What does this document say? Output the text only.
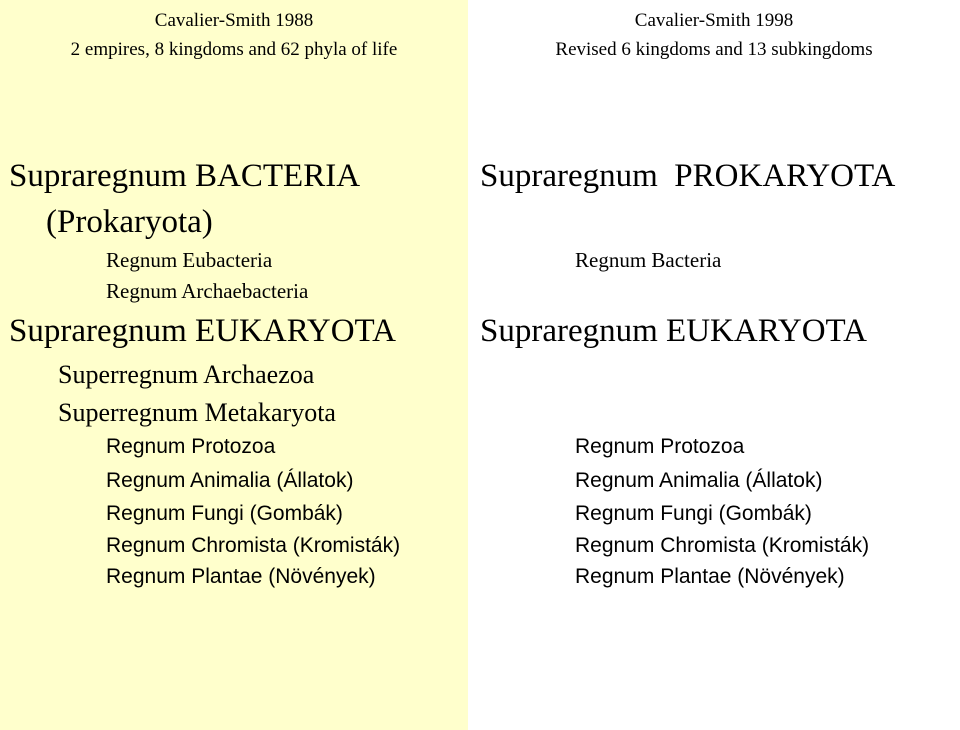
Cavalier-Smith 1988
2 empires, 8 kingdoms and 62 phyla of life
Supraregnum BACTERIA
(Prokaryota)
Regnum Eubacteria
Regnum Archaebacteria
Supraregnum EUKARYOTA
Superregnum Archaezoa
Superregnum Metakaryota
Regnum Protozoa
Regnum Animalia (Állatok)
Regnum Fungi (Gombák)
Regnum Chromista (Kromisták)
Regnum Plantae (Növények)
Cavalier-Smith 1998
Revised 6 kingdoms and 13 subkingdoms
Supraregnum  PROKARYOTA
Regnum Bacteria
Supraregnum EUKARYOTA
Regnum Protozoa
Regnum Animalia (Állatok)
Regnum Fungi (Gombák)
Regnum Chromista (Kromisták)
Regnum Plantae (Növények)
